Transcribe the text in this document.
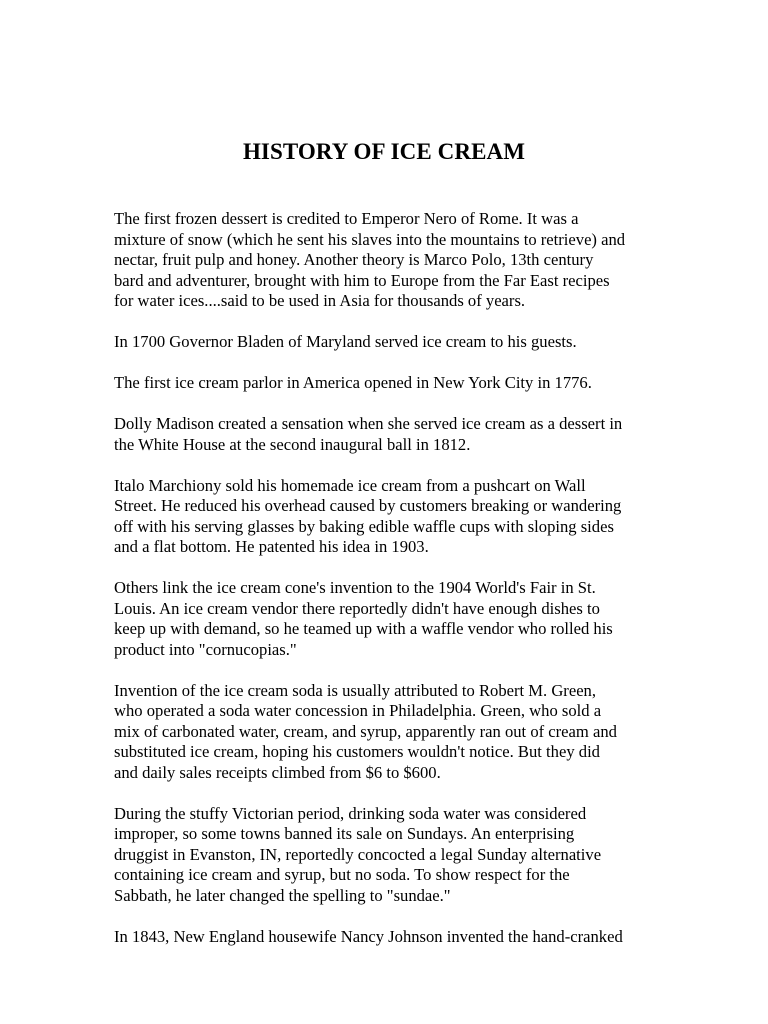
HISTORY OF ICE CREAM

The first frozen dessert is credited to Emperor Nero of Rome. It was a
mixture of snow (which he sent his slaves into the mountains to retrieve) and
nectar, fruit pulp and honey. Another theory is Marco Polo, 13th century
bard and adventurer, brought with him to Europe from the Far East recipes
for water ices....said to be used in Asia for thousands of years.

In 1700 Governor Bladen of Maryland served ice cream to his guests.

The first ice cream parlor in America opened in New York City in 1776.

Dolly Madison created a sensation when she served ice cream as a dessert in
the White House at the second inaugural ball in 1812.

Italo Marchiony sold his homemade ice cream from a pushcart on Wall
Street. He reduced his overhead caused by customers breaking or wandering
off with his serving glasses by baking edible waffle cups with sloping sides
and a flat bottom. He patented his idea in 1903.

Others link the ice cream cone's invention to the 1904 World's Fair in St.
Louis. An ice cream vendor there reportedly didn't have enough dishes to
keep up with demand, so he teamed up with a waffle vendor who rolled his
product into "cornucopias."

Invention of the ice cream soda is usually attributed to Robert M. Green,
who operated a soda water concession in Philadelphia. Green, who sold a
mix of carbonated water, cream, and syrup, apparently ran out of cream and
substituted ice cream, hoping his customers wouldn't notice. But they did
and daily sales receipts climbed from $6 to $600.

During the stuffy Victorian period, drinking soda water was considered
improper, so some towns banned its sale on Sundays. An enterprising
druggist in Evanston, IN, reportedly concocted a legal Sunday alternative
containing ice cream and syrup, but no soda. To show respect for the
Sabbath, he later changed the spelling to "sundae."

In 1843, New England housewife Nancy Johnson invented the hand-cranked
